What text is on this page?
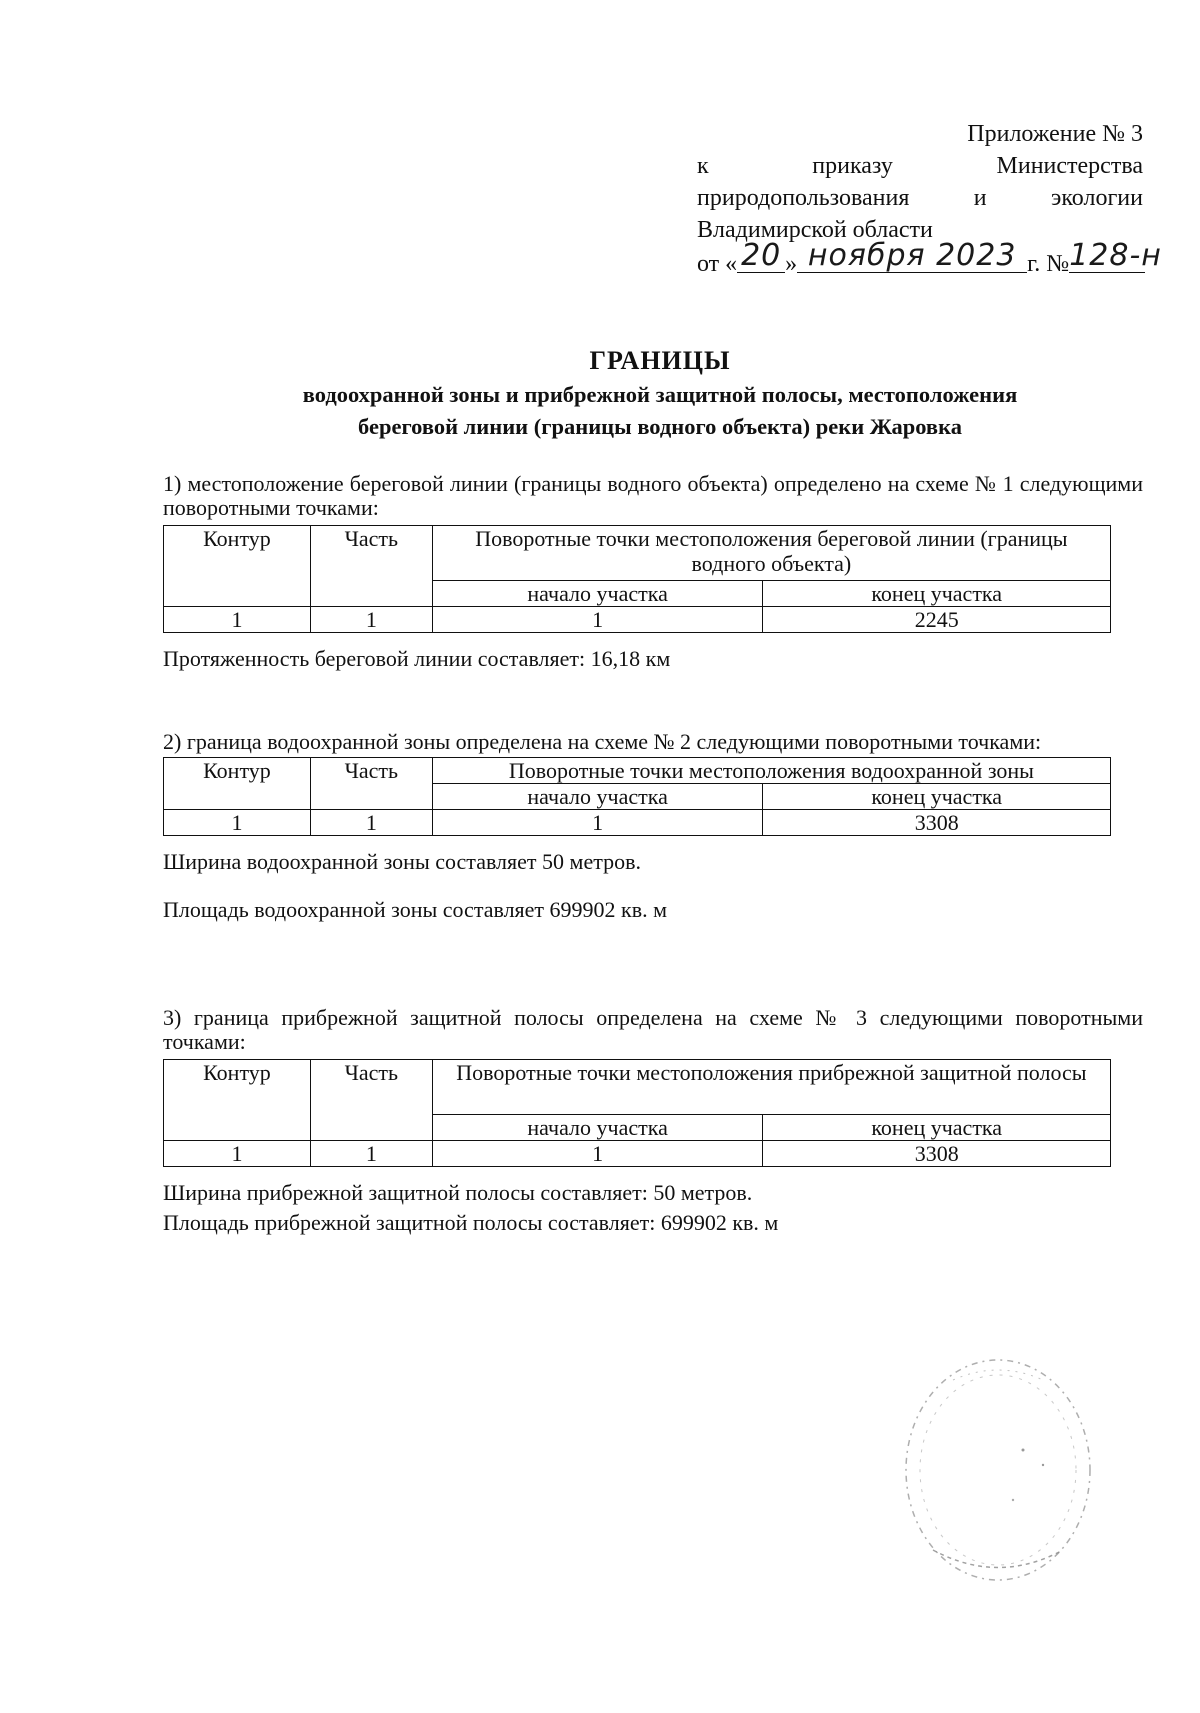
Приложение № 3
к	приказу	Министерства
природопользования	и	экологии
Владимирской области
от « 20 » ноября 2023 г. №128-н
ГРАНИЦЫ
водоохранной зоны и прибрежной защитной полосы, местоположения
береговой линии (границы водного объекта) реки Жаровка
1) местоположение береговой линии (границы водного объекта) определено на схеме № 1 следующими поворотными точками:
Контур	Часть	Поворотные точки местоположения береговой линии (границы водного объекта)	
		начало участка	конец участка
1	1	1	2245
Протяженность береговой линии составляет: 16,18 км
2) граница водоохранной зоны определена на схеме № 2 следующими поворотными точками:
Контур	Часть	Поворотные точки местоположения водоохранной зоны	
		начало участка	конец участка
1	1	1	3308
Ширина водоохранной зоны составляет 50 метров.
Площадь водоохранной зоны составляет 699902 кв. м
3) граница прибрежной защитной полосы определена на схеме № 3 следующими поворотными точками:
Контур	Часть	Поворотные точки местоположения прибрежной защитной полосы	
		начало участка	конец участка
1	1	1	3308
Ширина прибрежной защитной полосы составляет: 50 метров.
Площадь прибрежной защитной полосы составляет: 699902 кв. м
